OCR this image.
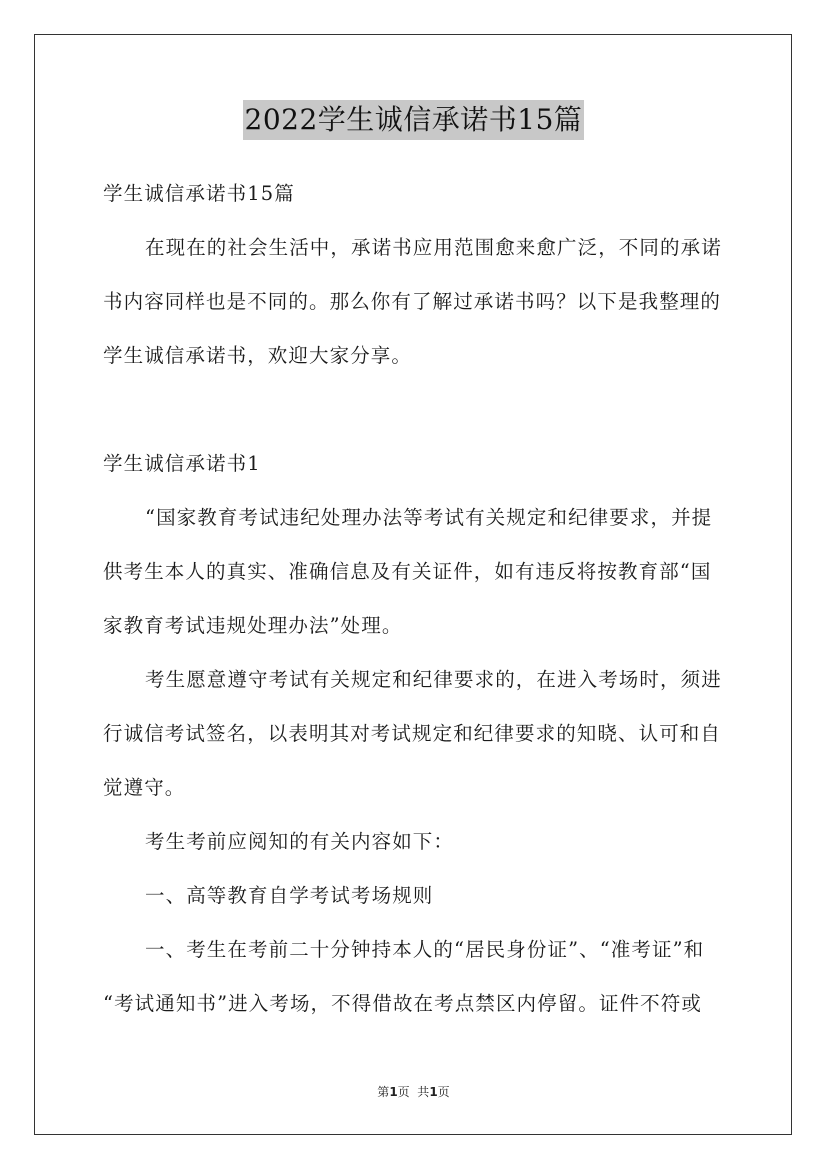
2022学生诚信承诺书15篇
学生诚信承诺书15篇
在现在的社会生活中，承诺书应用范围愈来愈广泛，不同的承诺
书内容同样也是不同的。那么你有了解过承诺书吗？以下是我整理的
学生诚信承诺书，欢迎大家分享。
学生诚信承诺书1
“国家教育考试违纪处理办法等考试有关规定和纪律要求，并提
供考生本人的真实、准确信息及有关证件，如有违反将按教育部“国
家教育考试违规处理办法”处理。
考生愿意遵守考试有关规定和纪律要求的，在进入考场时，须进
行诚信考试签名，以表明其对考试规定和纪律要求的知晓、认可和自
觉遵守。
考生考前应阅知的有关内容如下：
一、高等教育自学考试考场规则
一、考生在考前二十分钟持本人的“居民身份证”、“准考证”和
“考试通知书”进入考场，不得借故在考点禁区内停留。证件不符或
第1页  共1页
